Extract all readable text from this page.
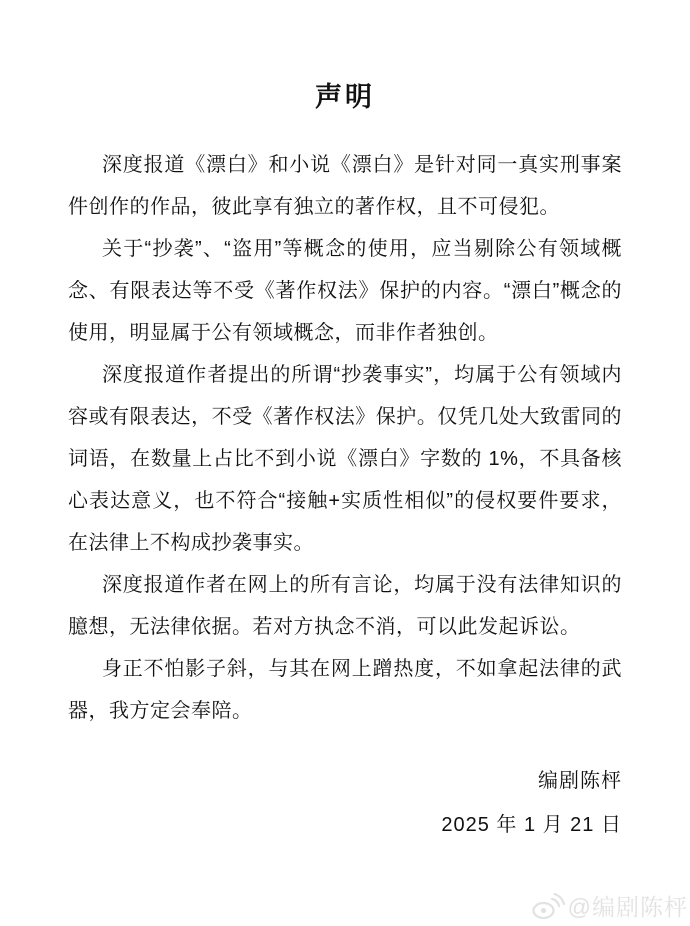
声明

深度报道《漂白》和小说《漂白》是针对同一真实刑事案件创作的作品，彼此享有独立的著作权，且不可侵犯。

关于“抄袭”、“盗用”等概念的使用，应当剔除公有领域概念、有限表达等不受《著作权法》保护的内容。“漂白”概念的使用，明显属于公有领域概念，而非作者独创。

深度报道作者提出的所谓“抄袭事实”，均属于公有领域内容或有限表达，不受《著作权法》保护。仅凭几处大致雷同的词语，在数量上占比不到小说《漂白》字数的 1%，不具备核心表达意义，也不符合“接触+实质性相似”的侵权要件要求，在法律上不构成抄袭事实。

深度报道作者在网上的所有言论，均属于没有法律知识的臆想，无法律依据。若对方执念不消，可以此发起诉讼。

身正不怕影子斜，与其在网上蹭热度，不如拿起法律的武器，我方定会奉陪。

编剧陈枰
2025 年 1 月 21 日
@编剧陈枰
